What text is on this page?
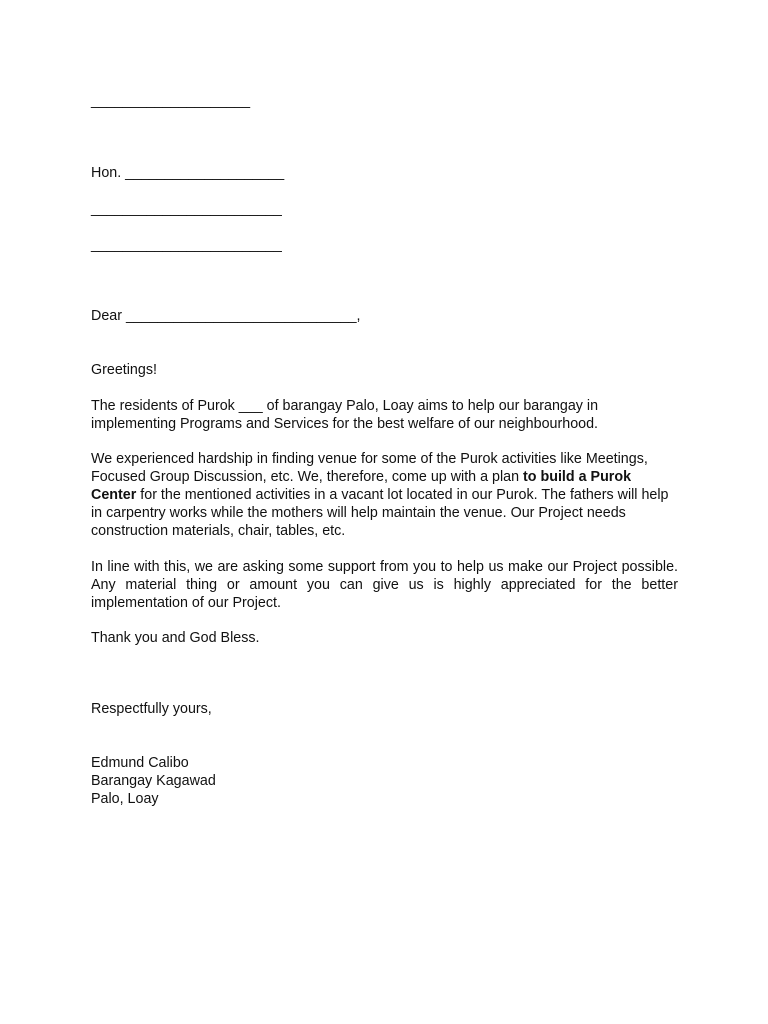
____________________
Hon. ____________________
________________________
________________________
Dear _____________________________,
Greetings!
The residents of Purok ___ of barangay Palo, Loay aims to help our barangay in implementing Programs and Services for the best welfare of our neighbourhood.
We experienced hardship in finding venue for some of the Purok activities like Meetings, Focused Group Discussion, etc. We, therefore, come up with a plan to build a Purok Center for the mentioned activities in a vacant lot located in our Purok. The fathers will help in carpentry works while the mothers will help maintain the venue. Our Project needs construction materials, chair, tables, etc.
In line with this, we are asking some support from you to help us make our Project possible. Any material thing or amount you can give us is highly appreciated for the better implementation of our Project.
Thank you and God Bless.
Respectfully yours,
Edmund Calibo
Barangay Kagawad
Palo, Loay
